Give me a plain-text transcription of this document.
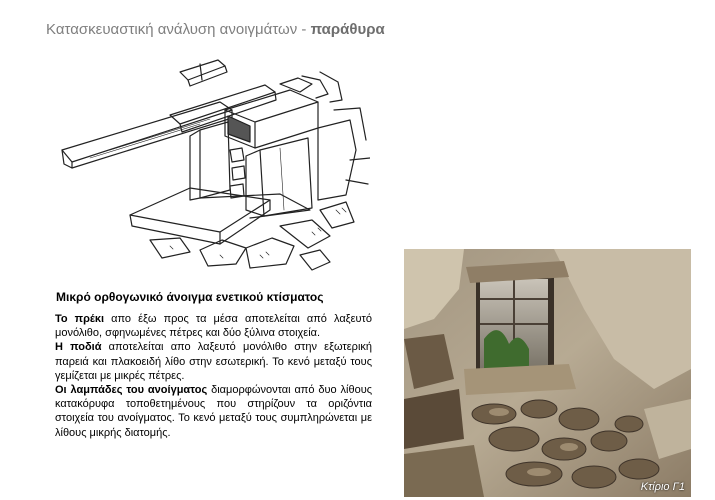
Κατασκευαστική ανάλυση ανοιγμάτων - παράθυρα
Μικρό ορθογωνικό άνοιγμα ενετικού κτίσματος

Το πρέκι απο έξω προς τα μέσα αποτελείται από λαξευτό μονόλιθο, σφηνωμένες πέτρες και δύο ξύλινα στοιχεία.

Η ποδιά αποτελείται απο λαξευτό μονόλιθο στην εξωτερική παρειά και πλακοειδή λίθο στην εσωτερική. Το κενό μεταξύ τους γεμίζεται με μικρές πέτρες.

Οι λαμπάδες του ανοίγματος διαμορφώνονται από δυο λίθους κατακόρυφα τοποθετημένους που στηρίζουν τα οριζόντια στοιχεία του ανοίγματος. Το κενό μεταξύ τους συμπληρώνεται με λίθους μικρής διατομής.

Κτίριο Γ1
